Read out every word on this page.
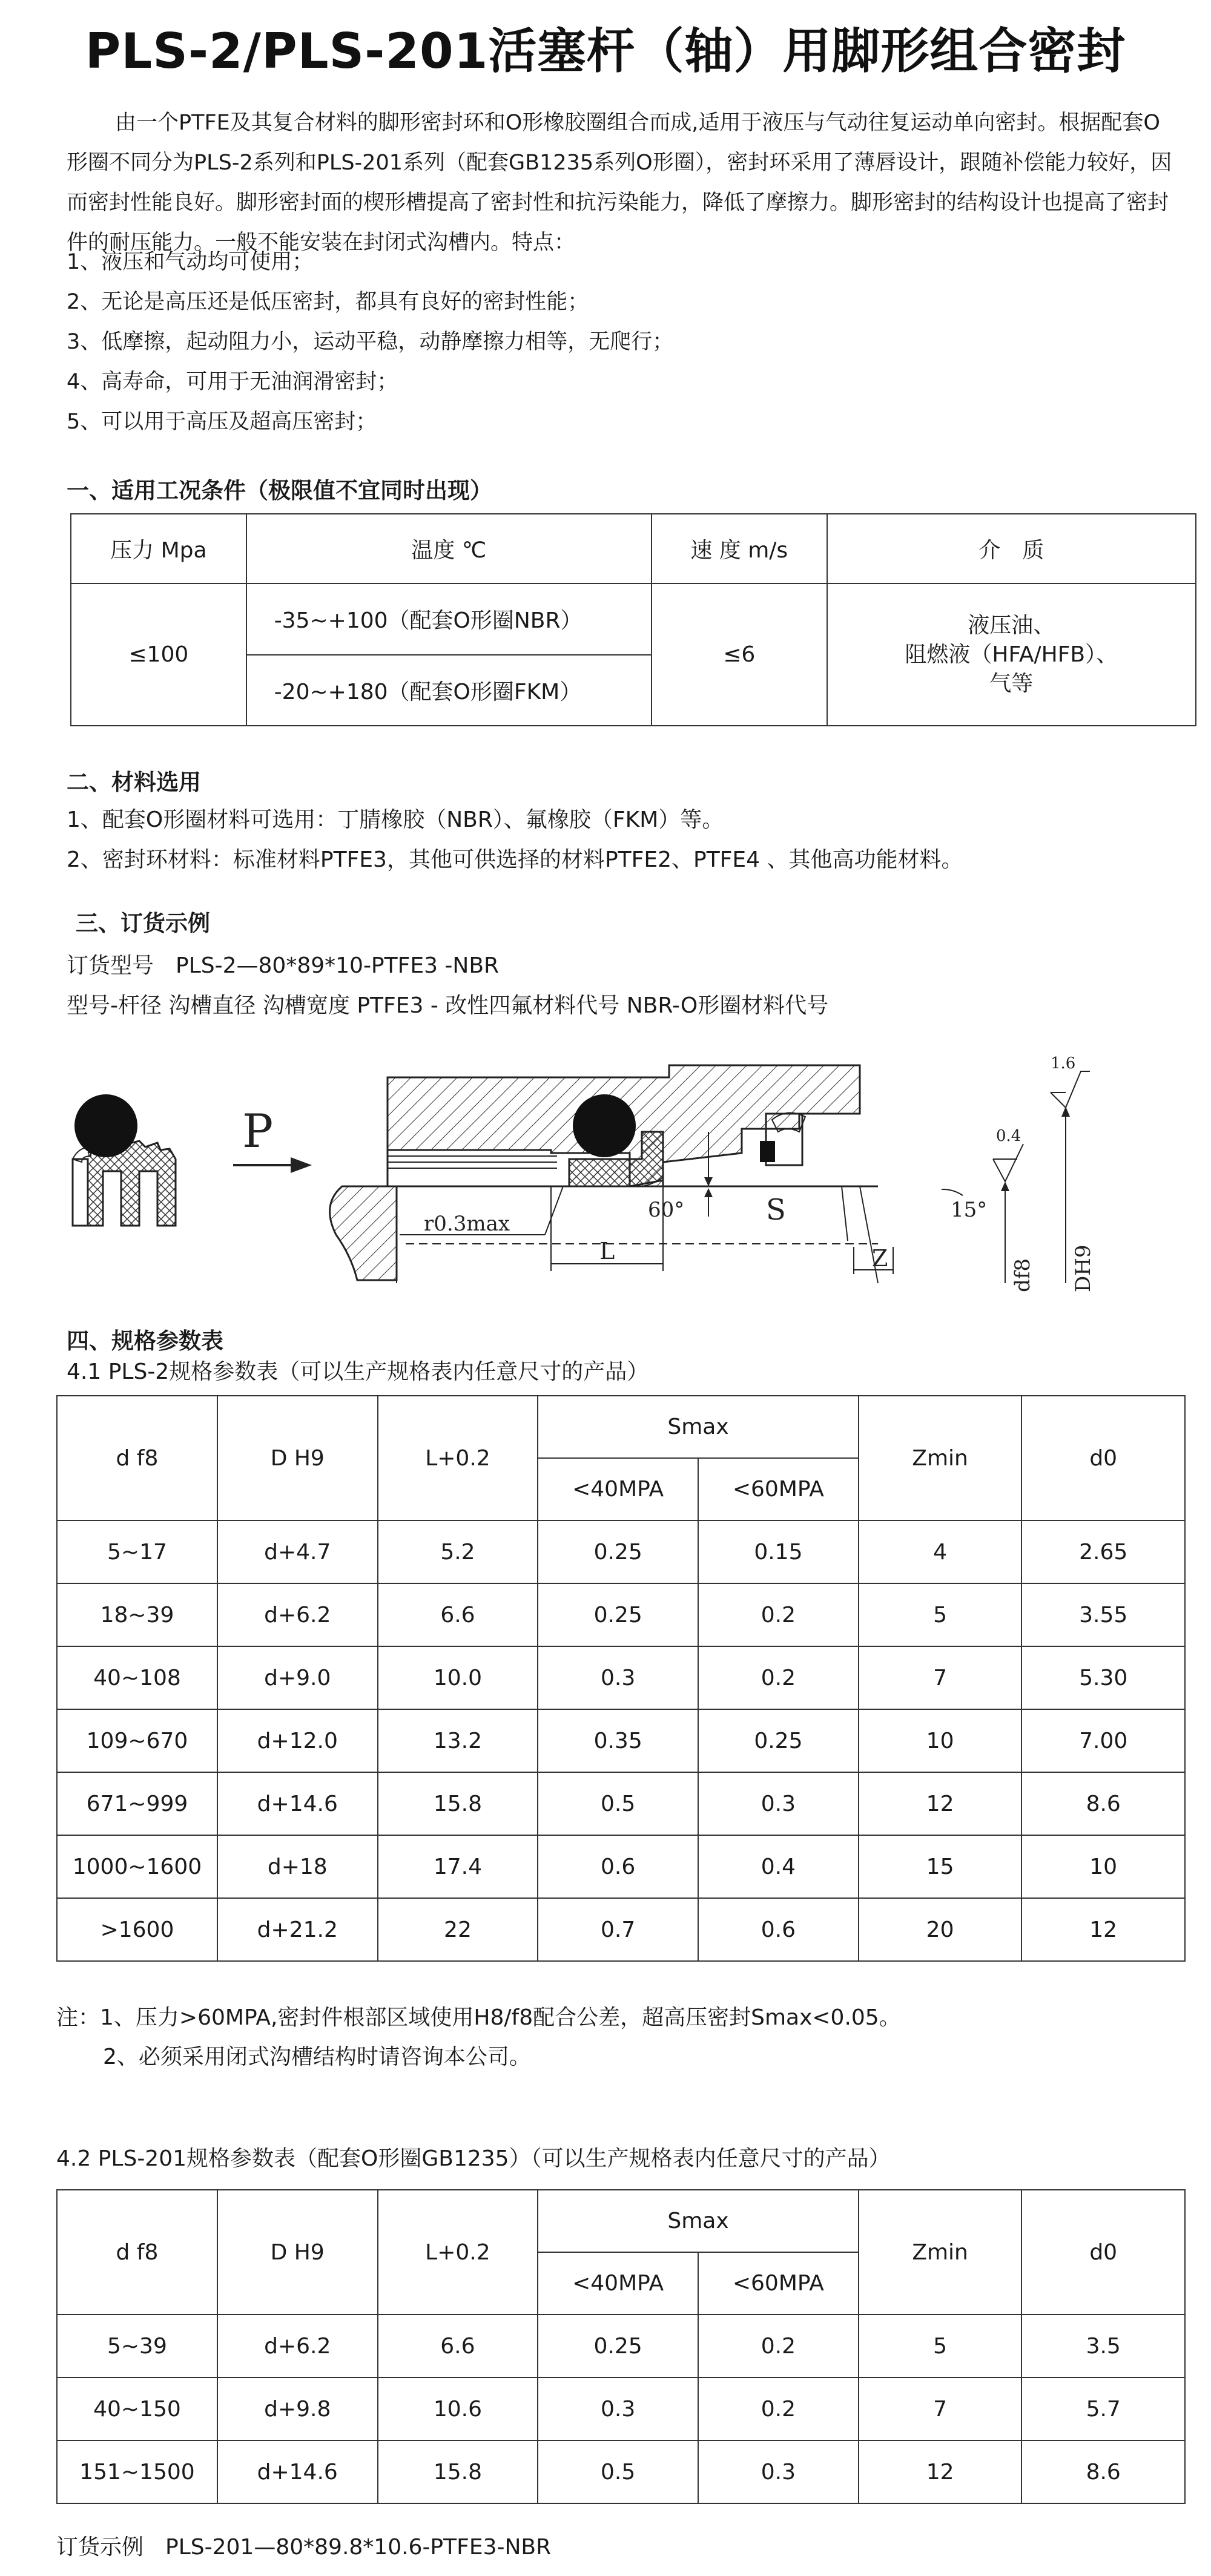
PLS-2/PLS-201活塞杆（轴）用脚形组合密封
由一个PTFE及其复合材料的脚形密封环和O形橡胶圈组合而成,适用于液压与气动往复运动单向密封。根据配套O形圈不同分为PLS-2系列和PLS-201系列（配套GB1235系列O形圈），密封环采用了薄唇设计，跟随补偿能力较好，因而密封性能良好。脚形密封面的楔形槽提高了密封性和抗污染能力，降低了摩擦力。脚形密封的结构设计也提高了密封件的耐压能力。一般不能安装在封闭式沟槽内。特点：
1、液压和气动均可使用；
2、无论是高压还是低压密封，都具有良好的密封性能；
3、低摩擦，起动阻力小，运动平稳，动静摩擦力相等，无爬行；
4、高寿命，可用于无油润滑密封；
5、可以用于高压及超高压密封；
一、适用工况条件（极限值不宜同时出现）
压力 Mpa	温度 ℃	速 度 m/s	介　质
≤100	-35~+100（配套O形圈NBR）	≤6	液压油、
阻燃液（HFA/HFB）、
气等

	-20~+180（配套O形圈FKM）		
二、材料选用
1、配套O形圈材料可选用：丁腈橡胶（NBR）、氟橡胶（FKM）等。
2、密封环材料：标准材料PTFE3，其他可供选择的材料PTFE2、PTFE4 、其他高功能材料。
三、订货示例
订货型号　PLS-2—80*89*10-PTFE3 -NBR
型号-杆径 沟槽直径 沟槽宽度 PTFE3 - 改性四氟材料代号 NBR-O形圈材料代号
P
r0.3max
60°	S	15°
L	Z
df8 DH9
1.6
0.4
四、规格参数表
4.1 PLS-2规格参数表（可以生产规格表内任意尺寸的产品）
d f8	D H9	L+0.2	Smax		Zmin	d0
			<40MPA	<60MPA		
5~17	d+4.7	5.2	0.25	0.15	4	2.65
18~39	d+6.2	6.6	0.25	0.2	5	3.55
40~108	d+9.0	10.0	0.3	0.2	7	5.30
109~670	d+12.0	13.2	0.35	0.25	10	7.00
671~999	d+14.6	15.8	0.5	0.3	12	8.6
1000~1600	d+18	17.4	0.6	0.4	15	10
>1600	d+21.2	22	0.7	0.6	20	12
注：1、压力>60MPA,密封件根部区域使用H8/f8配合公差，超高压密封Smax<0.05。
2、必须采用闭式沟槽结构时请咨询本公司。
4.2 PLS-201规格参数表（配套O形圈GB1235）（可以生产规格表内任意尺寸的产品）
d f8	D H9	L+0.2	Smax		Zmin	d0
			<40MPA	<60MPA		
5~39	d+6.2	6.6	0.25	0.2	5	3.5
40~150	d+9.8	10.6	0.3	0.2	7	5.7
151~1500	d+14.6	15.8	0.5	0.3	12	8.6
订货示例　PLS-201—80*89.8*10.6-PTFE3-NBR
